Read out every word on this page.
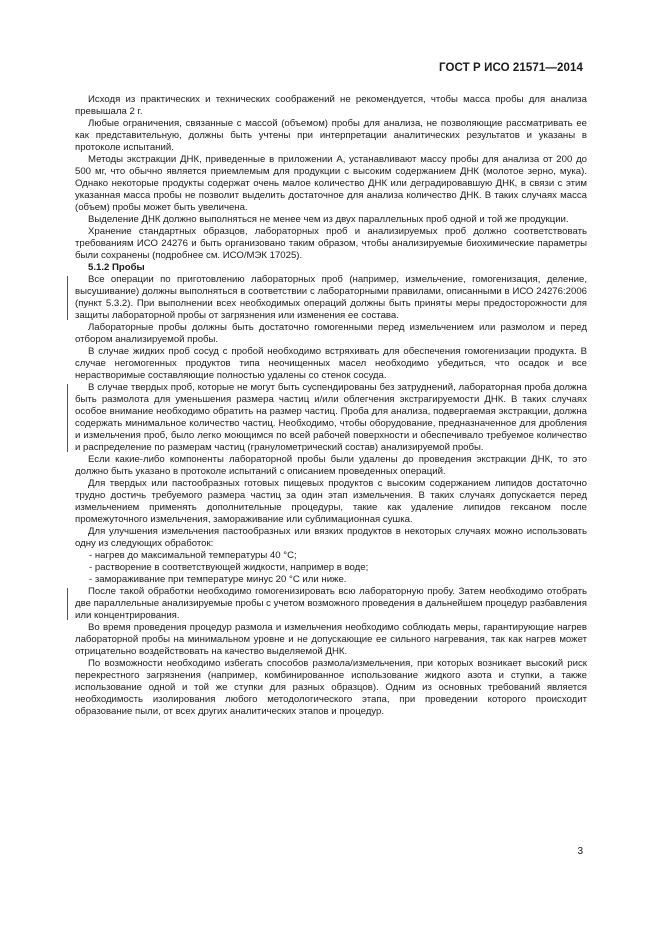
ГОСТ Р ИСО 21571—2014

Исходя из практических и технических соображений не рекомендуется, чтобы масса пробы для анализа превышала 2 г.

Любые ограничения, связанные с массой (объемом) пробы для анализа, не позволяющие рассматривать ее как представительную, должны быть учтены при интерпретации аналитических результатов и указаны в протоколе испытаний.

Методы экстракции ДНК, приведенные в приложении А, устанавливают массу пробы для анализа от 200 до 500 мг, что обычно является приемлемым для продукции с высоким содержанием ДНК (молотое зерно, мука). Однако некоторые продукты содержат очень малое количество ДНК или деградировавшую ДНК, в связи с этим указанная масса пробы не позволит выделить достаточное для анализа количество ДНК. В таких случаях масса (объем) пробы может быть увеличена.

Выделение ДНК должно выполняться не менее чем из двух параллельных проб одной и той же продукции.

Хранение стандартных образцов, лабораторных проб и анализируемых проб должно соответствовать требованиям ИСО 24276 и быть организовано таким образом, чтобы анализируемые биохимические параметры были сохранены (подробнее см. ИСО/МЭК 17025).

5.1.2 Пробы

Все операции по приготовлению лабораторных проб (например, измельчение, гомогенизация, деление, высушивание) должны выполняться в соответствии с лабораторными правилами, описанными в ИСО 24276:2006 (пункт 5.3.2). При выполнении всех необходимых операций должны быть приняты меры предосторожности для защиты лабораторной пробы от загрязнения или изменения ее состава.

Лабораторные пробы должны быть достаточно гомогенными перед измельчением или размолом и перед отбором анализируемой пробы.

В случае жидких проб сосуд с пробой необходимо встряхивать для обеспечения гомогенизации продукта. В случае негомогенных продуктов типа неочищенных масел необходимо убедиться, что осадок и все нерастворимые составляющие полностью удалены со стенок сосуда.

В случае твердых проб, которые не могут быть суспендированы без затруднений, лабораторная проба должна быть размолота для уменьшения размера частиц и/или облегчения экстрагируемости ДНК. В таких случаях особое внимание необходимо обратить на размер частиц. Проба для анализа, подвергаемая экстракции, должна содержать минимальное количество частиц. Необходимо, чтобы оборудование, предназначенное для дробления и измельчения проб, было легко моющимся по всей рабочей поверхности и обеспечивало требуемое количество и распределение по размерам частиц (гранулометрический состав) анализируемой пробы.

Если какие-либо компоненты лабораторной пробы были удалены до проведения экстракции ДНК, то это должно быть указано в протоколе испытаний с описанием проведенных операций.

Для твердых или пастообразных готовых пищевых продуктов с высоким содержанием липидов достаточно трудно достичь требуемого размера частиц за один этап измельчения. В таких случаях допускается перед измельчением применять дополнительные процедуры, такие как удаление липидов гексаном после промежуточного измельчения, замораживание или сублимационная сушка.

Для улучшения измельчения пастообразных или вязких продуктов в некоторых случаях можно использовать одну из следующих обработок:

- нагрев до максимальной температуры 40 °С;

- растворение в соответствующей жидкости, например в воде;

- замораживание при температуре минус 20 °С или ниже.

После такой обработки необходимо гомогенизировать всю лабораторную пробу. Затем необходимо отобрать две параллельные анализируемые пробы с учетом возможного проведения в дальнейшем процедур разбавления или концентрирования.

Во время проведения процедур размола и измельчения необходимо соблюдать меры, гарантирующие нагрев лабораторной пробы на минимальном уровне и не допускающие ее сильного нагревания, так как нагрев может отрицательно воздействовать на качество выделяемой ДНК.

По возможности необходимо избегать способов размола/измельчения, при которых возникает высокий риск перекрестного загрязнения (например, комбинированное использование жидкого азота и ступки, а также использование одной и той же ступки для разных образцов). Одним из основных требований является необходимость изолирования любого методологического этапа, при проведении которого происходит образование пыли, от всех других аналитических этапов и процедур.

3
